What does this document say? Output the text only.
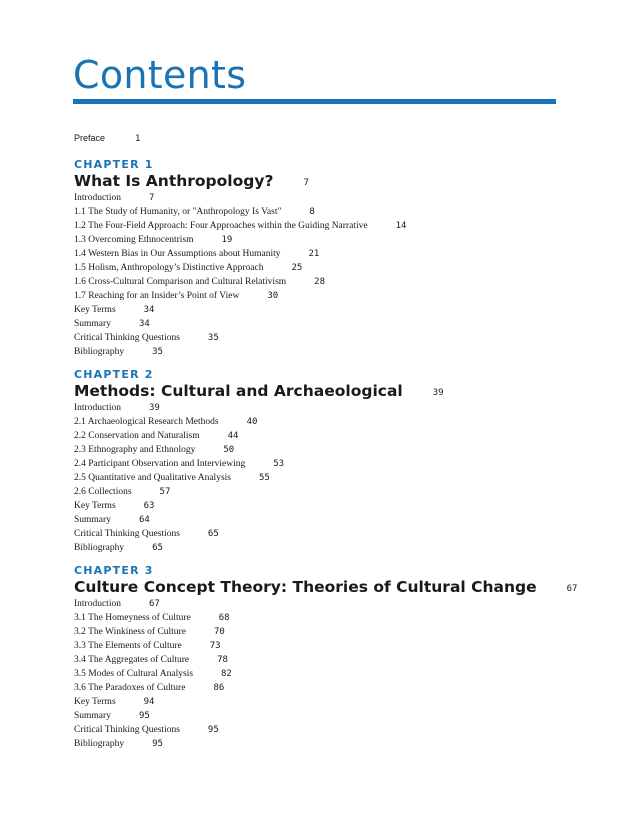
Contents
Preface	1
CHAPTER 1
What Is Anthropology?	7
Introduction	7
1.1 The Study of Humanity, or "Anthropology Is Vast"	8
1.2 The Four-Field Approach: Four Approaches within the Guiding Narrative	14
1.3 Overcoming Ethnocentrism	19
1.4 Western Bias in Our Assumptions about Humanity	21
1.5 Holism, Anthropology’s Distinctive Approach	25
1.6 Cross-Cultural Comparison and Cultural Relativism	28
1.7 Reaching for an Insider’s Point of View	30
Key Terms	34
Summary	34
Critical Thinking Questions	35
Bibliography	35
CHAPTER 2
Methods: Cultural and Archaeological	39
Introduction	39
2.1 Archaeological Research Methods	40
2.2 Conservation and Naturalism	44
2.3 Ethnography and Ethnology	50
2.4 Participant Observation and Interviewing	53
2.5 Quantitative and Qualitative Analysis	55
2.6 Collections	57
Key Terms	63
Summary	64
Critical Thinking Questions	65
Bibliography	65
CHAPTER 3
Culture Concept Theory: Theories of Cultural Change	67
Introduction	67
3.1 The Homeyness of Culture	68
3.2 The Winkiness of Culture	70
3.3 The Elements of Culture	73
3.4 The Aggregates of Culture	78
3.5 Modes of Cultural Analysis	82
3.6 The Paradoxes of Culture	86
Key Terms	94
Summary	95
Critical Thinking Questions	95
Bibliography	95
